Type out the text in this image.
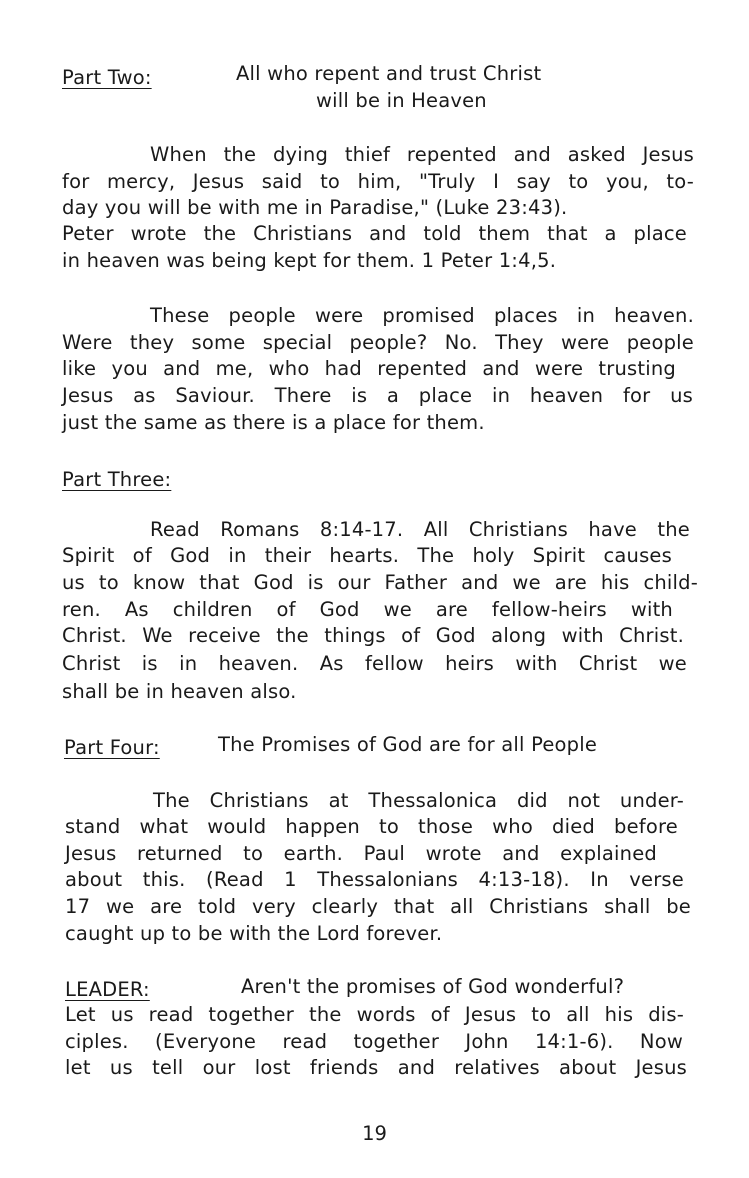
Part Two:	All who repent and trust Christ
will be in Heaven
When the dying thief repented and asked Jesus
for mercy, Jesus said to him, "Truly I say to you, to-
day you will be with me in Paradise," (Luke 23:43).
Peter wrote the Christians and told them that a place
in heaven was being kept for them. 1 Peter 1:4,5.
These people were promised places in heaven.
Were they some special people? No. They were people
like you and me, who had repented and were trusting
Jesus as Saviour. There is a place in heaven for us
just the same as there is a place for them.
Part Three:
Read Romans 8:14-17. All Christians have the
Spirit of God in their hearts. The holy Spirit causes
us to know that God is our Father and we are his child-
ren. As children of God we are fellow-heirs with
Christ. We receive the things of God along with Christ.
Christ is in heaven. As fellow heirs with Christ we
shall be in heaven also.
Part Four:	The Promises of God are for all People
The Christians at Thessalonica did not under-
stand what would happen to those who died before
Jesus returned to earth. Paul wrote and explained
about this. (Read 1 Thessalonians 4:13-18). In verse
17 we are told very clearly that all Christians shall be
caught up to be with the Lord forever.
LEADER:	Aren't the promises of God wonderful?
Let us read together the words of Jesus to all his dis-
ciples. (Everyone read together John 14:1-6). Now
let us tell our lost friends and relatives about Jesus
19
